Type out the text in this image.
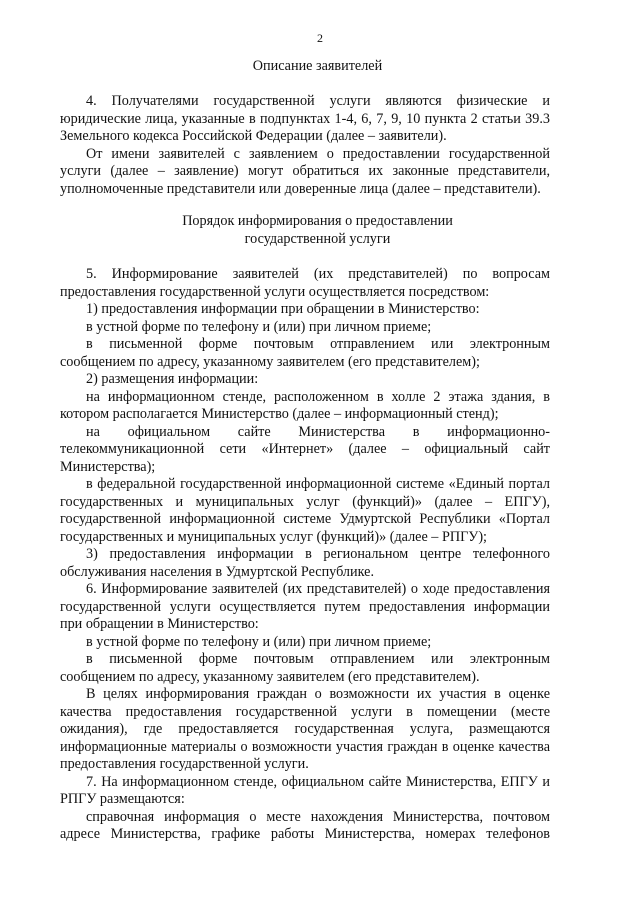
2
Описание заявителей

4. Получателями государственной услуги являются физические и юридические лица, указанные в подпунктах 1-4, 6, 7, 9, 10 пункта 2 статьи 39.3 Земельного кодекса Российской Федерации (далее – заявители).

От имени заявителей с заявлением о предоставлении государственной услуги (далее – заявление) могут обратиться их законные представители, уполномоченные представители или доверенные лица (далее – представители).

Порядок информирования о предоставлении
государственной услуги

5. Информирование заявителей (их представителей) по вопросам предоставления государственной услуги осуществляется посредством:

1) предоставления информации при обращении в Министерство:

в устной форме по телефону и (или) при личном приеме;

в письменной форме почтовым отправлением или электронным сообщением по адресу, указанному заявителем (его представителем);

2) размещения информации:

на информационном стенде, расположенном в холле 2 этажа здания, в котором располагается Министерство (далее – информационный стенд);

на официальном сайте Министерства в информационно-телекоммуникационной сети «Интернет» (далее – официальный сайт Министерства);

в федеральной государственной информационной системе «Единый портал государственных и муниципальных услуг (функций)» (далее – ЕПГУ), государственной информационной системе Удмуртской Республики «Портал государственных и муниципальных услуг (функций)» (далее – РПГУ);

3) предоставления информации в региональном центре телефонного обслуживания населения в Удмуртской Республике.

6. Информирование заявителей (их представителей) о ходе предоставления государственной услуги осуществляется путем предоставления информации при обращении в Министерство:

в устной форме по телефону и (или) при личном приеме;

в письменной форме почтовым отправлением или электронным сообщением по адресу, указанному заявителем (его представителем).

В целях информирования граждан о возможности их участия в оценке качества предоставления государственной услуги в помещении (месте ожидания), где предоставляется государственная услуга, размещаются информационные материалы о возможности участия граждан в оценке качества предоставления государственной услуги.

7. На информационном стенде, официальном сайте Министерства, ЕПГУ и РПГУ размещаются:

справочная информация о месте нахождения Министерства, почтовом адресе Министерства, графике работы Министерства, номерах телефонов
